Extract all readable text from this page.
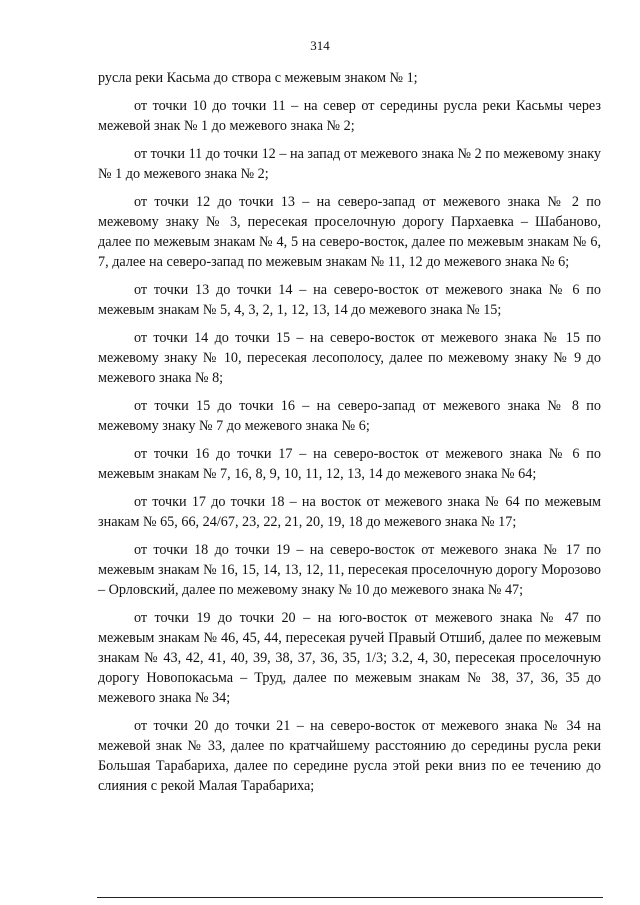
314

русла реки Касьма до створа с межевым знаком № 1;

от точки 10 до точки 11 – на север от середины русла реки Касьмы через межевой знак № 1 до межевого знака № 2;

от точки 11 до точки 12 – на запад от межевого знака № 2 по межевому знаку № 1 до межевого знака № 2;

от точки 12 до точки 13 – на северо-запад от межевого знака № 2 по межевому знаку № 3, пересекая проселочную дорогу Пархаевка – Шабаново, далее по межевым знакам № 4, 5 на северо-восток, далее по межевым знакам № 6, 7, далее на северо-запад по межевым знакам № 11, 12 до межевого знака № 6;

от точки 13 до точки 14 – на северо-восток от межевого знака № 6 по межевым знакам № 5, 4, 3, 2, 1, 12, 13, 14 до межевого знака № 15;

от точки 14 до точки 15 – на северо-восток от межевого знака № 15 по межевому знаку № 10, пересекая лесополосу, далее по межевому знаку № 9 до межевого знака № 8;

от точки 15 до точки 16 – на северо-запад от межевого знака № 8 по межевому знаку № 7 до межевого знака № 6;

от точки 16 до точки 17 – на северо-восток от межевого знака № 6 по межевым знакам № 7, 16, 8, 9, 10, 11, 12, 13, 14 до межевого знака № 64;

от точки 17 до точки 18 – на восток от межевого знака № 64 по межевым знакам № 65, 66, 24/67, 23, 22, 21, 20, 19, 18 до межевого знака № 17;

от точки 18 до точки 19 – на северо-восток от межевого знака № 17 по межевым знакам № 16, 15, 14, 13, 12, 11, пересекая проселочную дорогу Морозово – Орловский, далее по межевому знаку № 10 до межевого знака № 47;

от точки 19 до точки 20 – на юго-восток от межевого знака № 47 по межевым знакам № 46, 45, 44, пересекая ручей Правый Отшиб, далее по межевым знакам № 43, 42, 41, 40, 39, 38, 37, 36, 35, 1/3; 3.2, 4, 30, пересекая проселочную дорогу Новопокасьма – Труд, далее по межевым знакам № 38, 37, 36, 35 до межевого знака № 34;

от точки 20 до точки 21 – на северо-восток от межевого знака № 34 на межевой знак № 33, далее по кратчайшему расстоянию до середины русла реки Большая Тарабариха, далее по середине русла этой реки вниз по ее течению до слияния с рекой Малая Тарабариха;
